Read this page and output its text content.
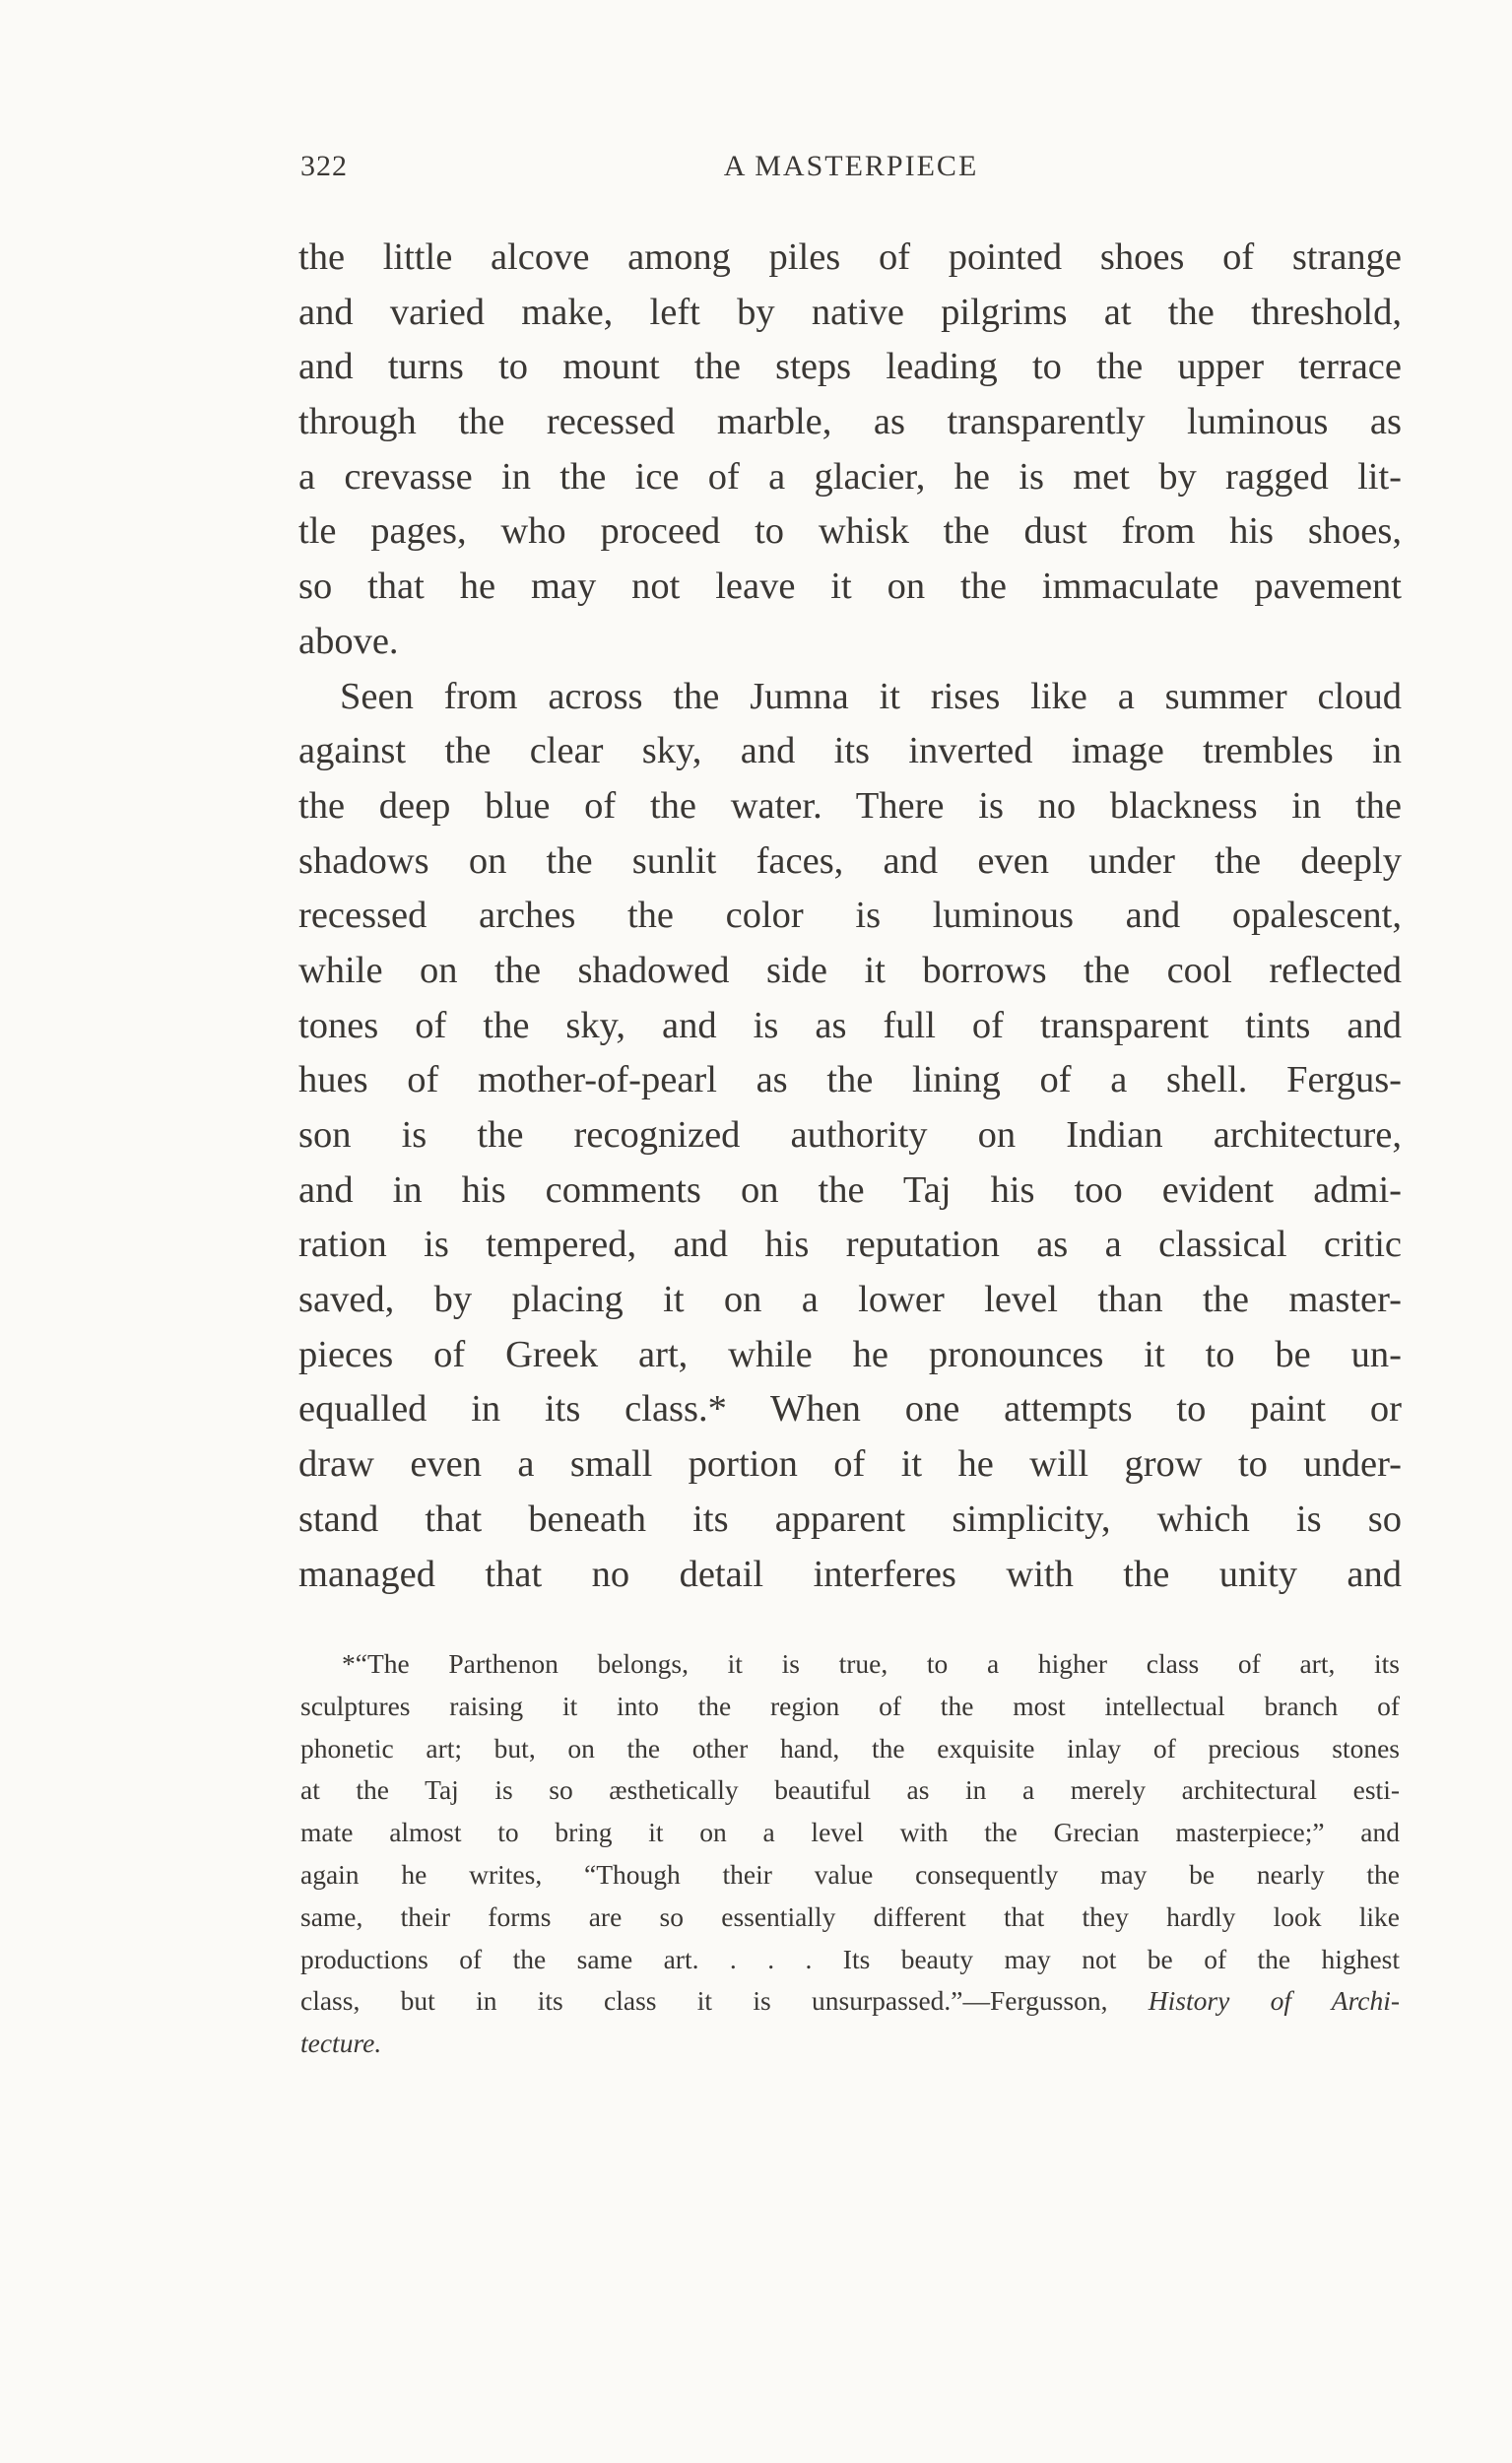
322	A MASTERPIECE
the little alcove among piles of pointed shoes of strange
and varied make, left by native pilgrims at the threshold,
and turns to mount the steps leading to the upper terrace
through the recessed marble, as transparently luminous as
a crevasse in the ice of a glacier, he is met by ragged lit-
tle pages, who proceed to whisk the dust from his shoes,
so that he may not leave it on the immaculate pavement
above.
Seen from across the Jumna it rises like a summer cloud
against the clear sky, and its inverted image trembles in
the deep blue of the water. There is no blackness in the
shadows on the sunlit faces, and even under the deeply
recessed arches the color is luminous and opalescent,
while on the shadowed side it borrows the cool reflected
tones of the sky, and is as full of transparent tints and
hues of mother-of-pearl as the lining of a shell. Fergus-
son is the recognized authority on Indian architecture,
and in his comments on the Taj his too evident admi-
ration is tempered, and his reputation as a classical critic
saved, by placing it on a lower level than the master-
pieces of Greek art, while he pronounces it to be un-
equalled in its class.* When one attempts to paint or
draw even a small portion of it he will grow to under-
stand that beneath its apparent simplicity, which is so
managed that no detail interferes with the unity and
*“The Parthenon belongs, it is true, to a higher class of art, its
sculptures raising it into the region of the most intellectual branch of
phonetic art; but, on the other hand, the exquisite inlay of precious stones
at the Taj is so æsthetically beautiful as in a merely architectural esti-
mate almost to bring it on a level with the Grecian masterpiece;” and
again he writes, “Though their value consequently may be nearly the
same, their forms are so essentially different that they hardly look like
productions of the same art. . . . Its beauty may not be of the highest
class, but in its class it is unsurpassed.”—Fergusson, History of Archi-
tecture.
